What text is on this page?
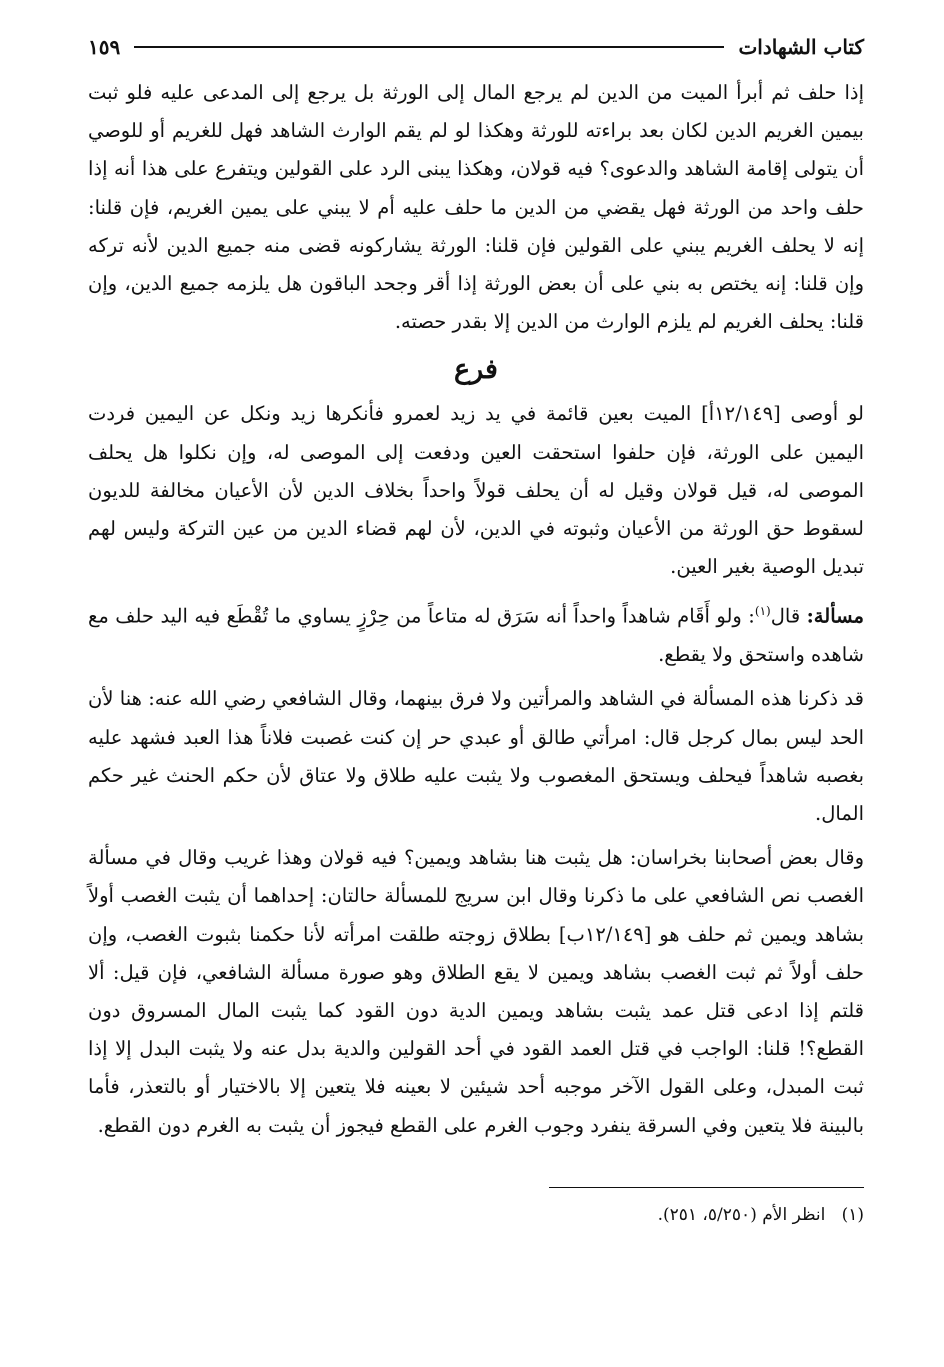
كتاب الشهادات
١٥٩

إذا حلف ثم أبرأ الميت من الدين لم يرجع المال إلى الورثة بل يرجع إلى المدعى عليه فلو ثبت بيمين الغريم الدين لكان بعد براءته للورثة وهكذا لو لم يقم الوارث الشاهد فهل للغريم أو للوصي أن يتولى إقامة الشاهد والدعوى؟ فيه قولان، وهكذا يبنى الرد على القولين ويتفرع على هذا أنه إذا حلف واحد من الورثة فهل يقضي من الدين ما حلف عليه أم لا يبني على يمين الغريم، فإن قلنا: إنه لا يحلف الغريم يبني على القولين فإن قلنا: الورثة يشاركونه قضى منه جميع الدين لأنه تركه وإن قلنا: إنه يختص به بني على أن بعض الورثة إذا أقر وجحد الباقون هل يلزمه جميع الدين، وإن قلنا: يحلف الغريم لم يلزم الوارث من الدين إلا بقدر حصته.

فرع

لو أوصى [١٢/١٤٩أ] الميت بعين قائمة في يد زيد لعمرو فأنكرها زيد ونكل عن اليمين فردت اليمين على الورثة، فإن حلفوا استحقت العين ودفعت إلى الموصى له، وإن نكلوا هل يحلف الموصى له، قيل قولان وقيل له أن يحلف قولاً واحداً بخلاف الدين لأن الأعيان مخالفة للديون لسقوط حق الورثة من الأعيان وثبوته في الدين، لأن لهم قضاء الدين من عين التركة وليس لهم تبديل الوصية بغير العين.

مسألة: قال$^{(١)}$: ولو أَقَام شاهداً واحداً أنه سَرَق له متاعاً من حِرْزٍ يساوي ما تُقْطَع فيه اليد حلف مع شاهده واستحق ولا يقطع.

قد ذكرنا هذه المسألة في الشاهد والمرأتين ولا فرق بينهما، وقال الشافعي رضي الله عنه: هنا لأن الحد ليس بمال كرجل قال: امرأتي طالق أو عبدي حر إن كنت غصبت فلاناً هذا العبد فشهد عليه بغصبه شاهداً فيحلف ويستحق المغصوب ولا يثبت عليه طلاق ولا عتاق لأن حكم الحنث غير حكم المال.

وقال بعض أصحابنا بخراسان: هل يثبت هنا بشاهد ويمين؟ فيه قولان وهذا غريب وقال في مسألة الغصب نص الشافعي على ما ذكرنا وقال ابن سريج للمسألة حالتان: إحداهما أن يثبت الغصب أولاً بشاهد ويمين ثم حلف هو [١٢/١٤٩ب] بطلاق زوجته طلقت امرأته لأنا حكمنا بثبوت الغصب، وإن حلف أولاً ثم ثبت الغصب بشاهد ويمين لا يقع الطلاق وهو صورة مسألة الشافعي، فإن قيل: ألا قلتم إذا ادعى قتل عمد يثبت بشاهد ويمين الدية دون القود كما يثبت المال المسروق دون القطع؟! قلنا: الواجب في قتل العمد القود في أحد القولين والدية بدل عنه ولا يثبت البدل إلا إذا ثبت المبدل، وعلى القول الآخر موجبه أحد شيئين لا بعينه فلا يتعين إلا بالاختيار أو بالتعذر، فأما بالبينة فلا يتعين وفي السرقة ينفرد وجوب الغرم على القطع فيجوز أن يثبت به الغرم دون القطع.

(١)   انظر الأم (٥/٢٥٠، ٢٥١).
